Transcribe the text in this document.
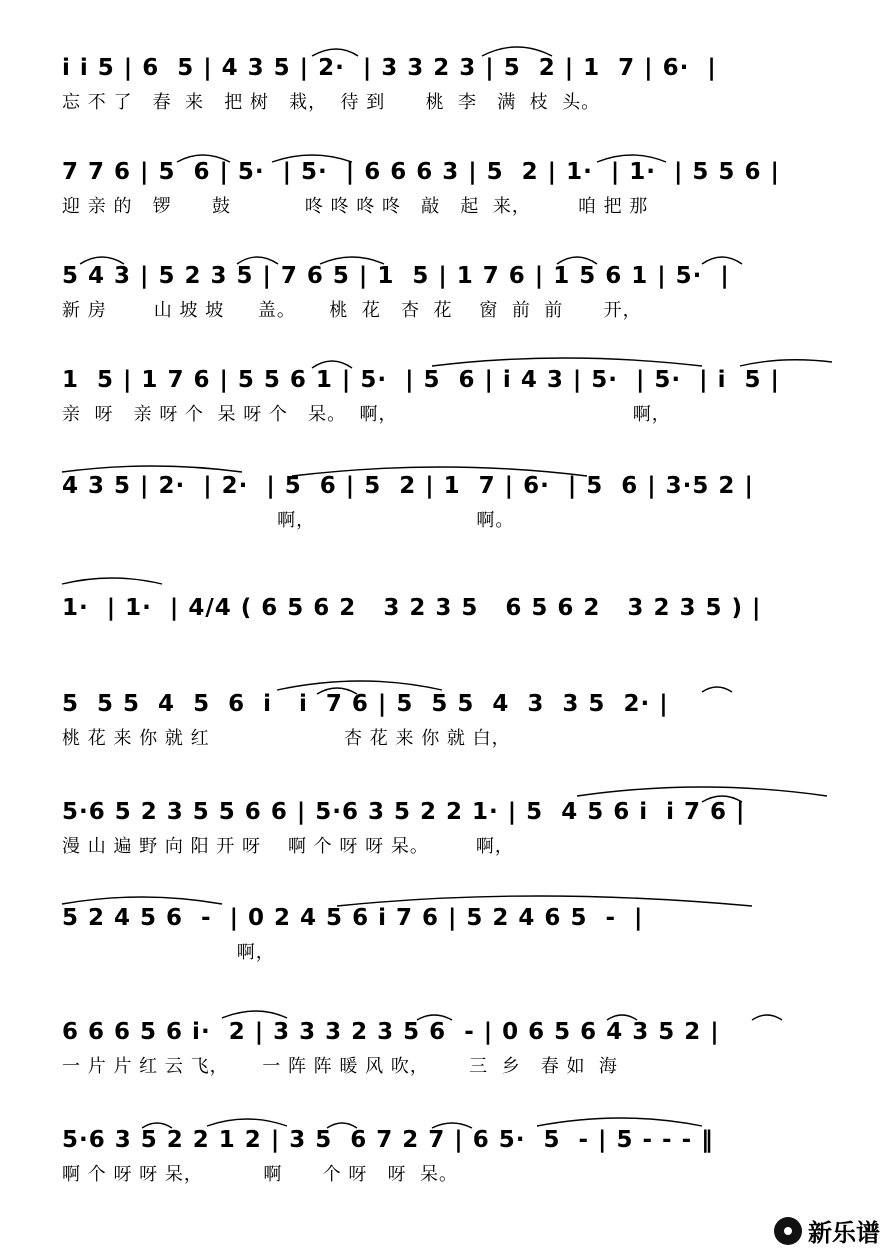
i i 5 | 6  5 | 4 3 5 | 2·  | 3 3 2 3 | 5  2 | 1  7 | 6·  |
忘 不 了   春  来   把 树   栽，  待 到      桃  李   满  枝  头。
7 7 6 | 5  6 | 5·  | 5·  | 6 6 6 3 | 5  2 | 1·  | 1·  | 5 5 6 |
迎 亲 的   锣      鼓           咚 咚 咚 咚   敲   起  来，       咱 把 那
5 4 3 | 5 2 3 5 | 7 6 5 | 1  5 | 1 7 6 | 1 5 6 1 | 5·  |
新 房       山 坡 坡     盖。     桃  花   杏  花    窗  前  前      开，
1  5 | 1 7 6 | 5 5 6 1 | 5·  | 5  6 | i 4 3 | 5·  | 5·  | i  5 |
亲  呀   亲 呀 个  呆 呀 个   呆。  啊，                                   啊，
4 3 5 | 2·  | 2·  | 5  6 | 5  2 | 1  7 | 6·  | 5  6 | 3·5 2 |
啊，                        啊。
1·  | 1·  | 4/4 ( 6 5 6 2   3 2 3 5   6 5 6 2   3 2 3 5 ) |
5  5 5  4  5  6  i   i  7 6 | 5  5 5  4  3  3 5  2· |
桃 花 来 你 就 红                    杏 花 来 你 就 白，
5·6 5 2 3 5 5 6 6 | 5·6 3 5 2 2 1· | 5  4 5 6 i  i 7 6 |
漫 山 遍 野 向 阳 开 呀    啊 个 呀 呀 呆。       啊，
5 2 4 5 6  -  | 0 2 4 5 6 i 7 6 | 5 2 4 6 5  -  |
啊，
6 6 6 5 6 i·  2 | 3 3 3 2 3 5 6  - | 0 6 5 6 4 3 5 2 |
一 片 片 红 云 飞，     一 阵 阵 暖 风 吹，      三  乡   春 如  海
5·6 3 5 2 2 1 2 | 3 5  6 7 2 7 | 6 5·  5  - | 5 - - - ‖
啊 个 呀 呀 呆，         啊      个 呀   呀  呆。
新乐谱
